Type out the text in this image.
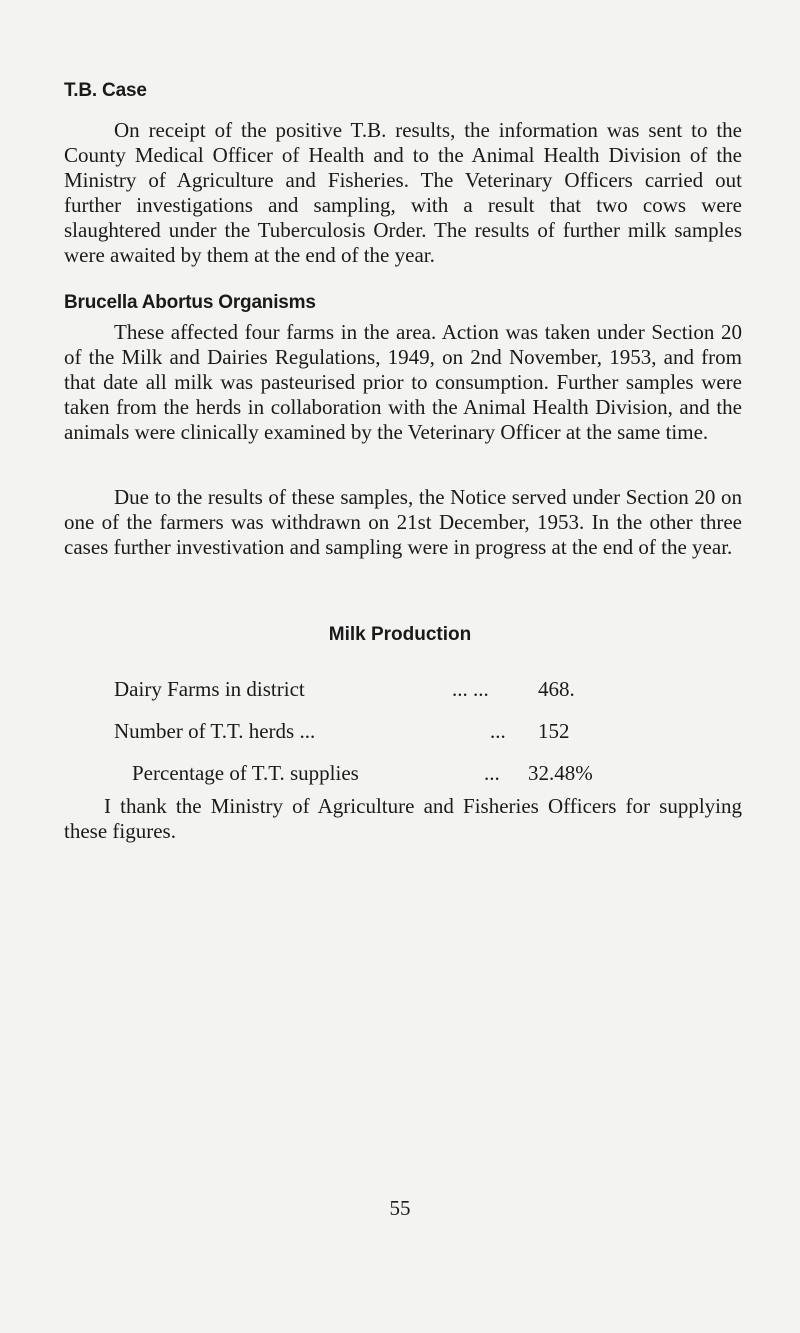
T.B. Case

On receipt of the positive T.B. results, the information was sent to the County Medical Officer of Health and to the Animal Health Division of the Ministry of Agriculture and Fisheries. The Veterinary Officers carried out further investigations and sampling, with a result that two cows were slaughtered under the Tuberculosis Order. The results of further milk samples were awaited by them at the end of the year.

Brucella Abortus Organisms

These affected four farms in the area. Action was taken under Section 20 of the Milk and Dairies Regulations, 1949, on 2nd November, 1953, and from that date all milk was pasteurised prior to consumption. Further samples were taken from the herds in collaboration with the Animal Health Division, and the animals were clinically examined by the Veterinary Officer at the same time.

Due to the results of these samples, the Notice served under Section 20 on one of the farmers was withdrawn on 21st December, 1953. In the other three cases further investivation and sampling were in progress at the end of the year.

Milk Production
Dairy Farms in district	... ...	468.
Number of T.T. herds ...	...	152
Percentage of T.T. supplies	...	32.48%

I thank the Ministry of Agriculture and Fisheries Officers for supplying these figures.

55
